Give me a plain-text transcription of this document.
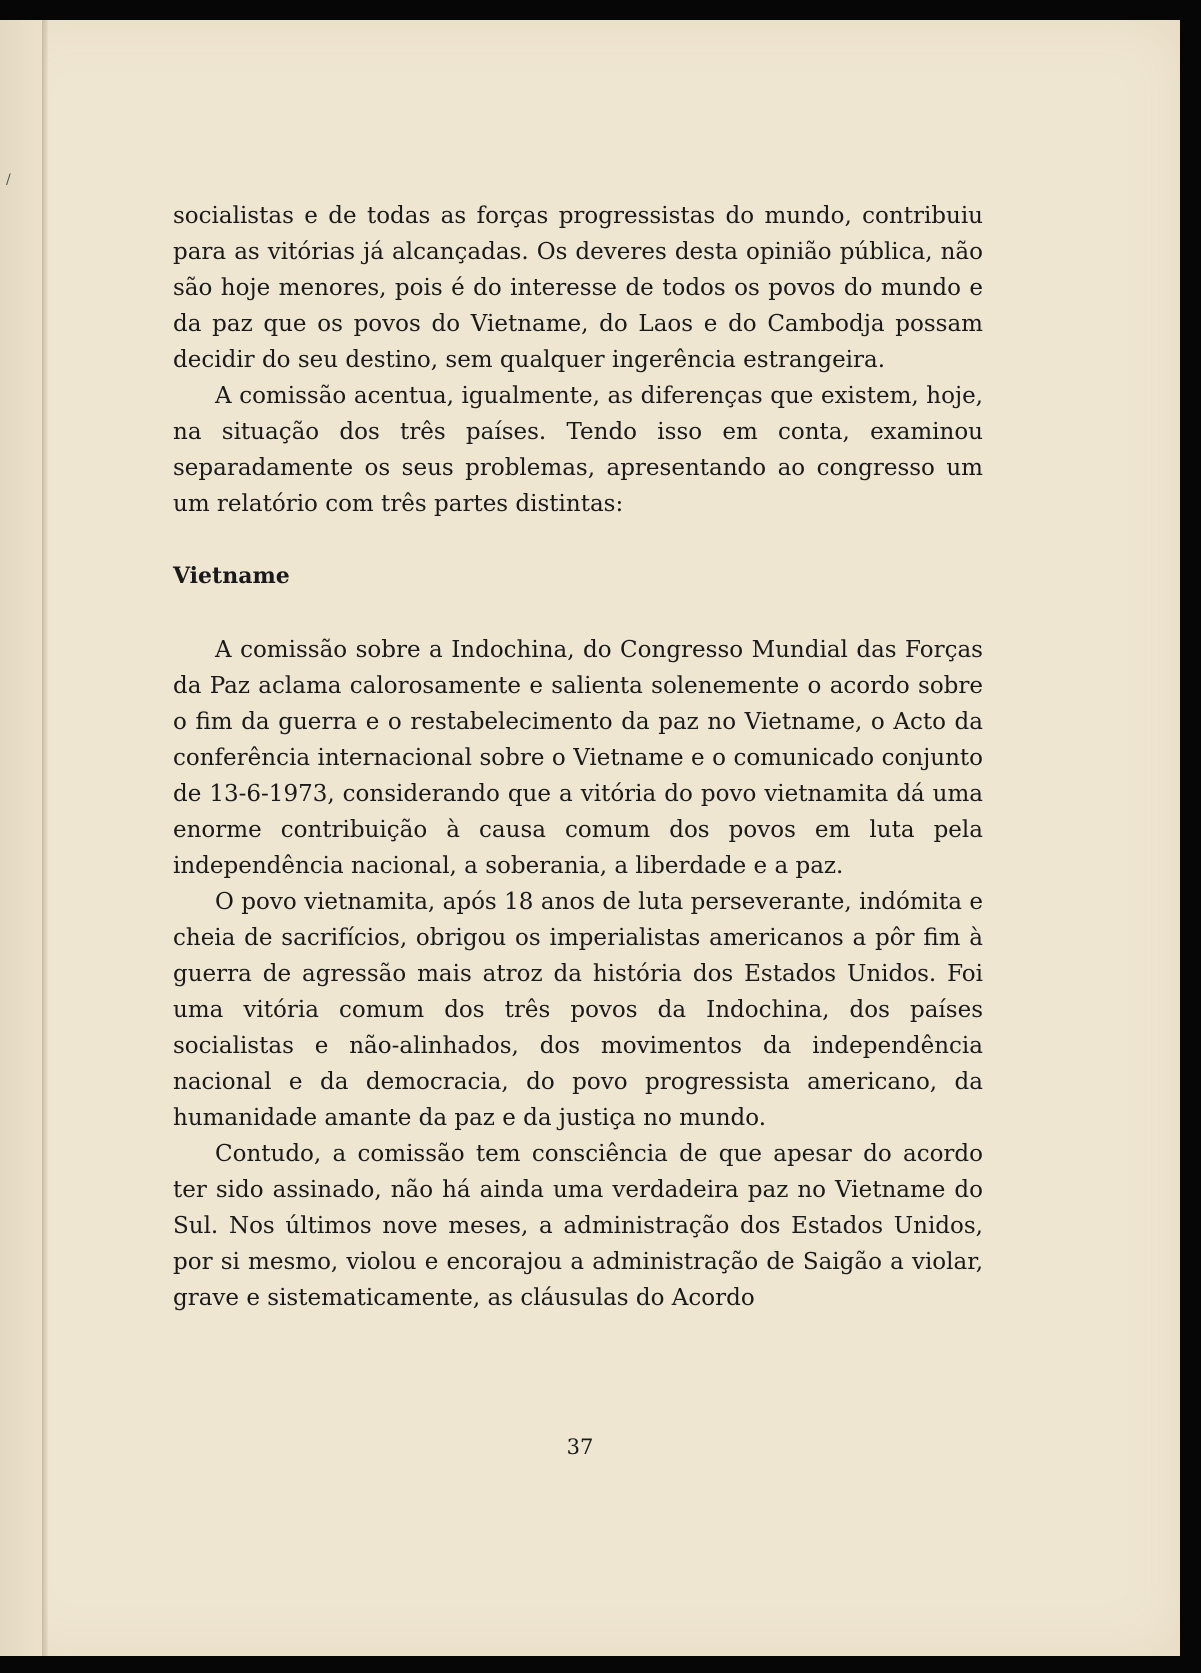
/

socialistas e de todas as forças progressistas do mundo, contribuiu para as vitórias já alcançadas. Os deveres desta opinião pública, não são hoje menores, pois é do interesse de todos os povos do mundo e da paz que os povos do Vietname, do Laos e do Cambodja possam decidir do seu destino, sem qualquer ingerência estrangeira.

A comissão acentua, igualmente, as diferenças que existem, hoje, na situação dos três países. Tendo isso em conta, examinou separadamente os seus problemas, apresentando ao congresso um um relatório com três partes distintas:

Vietname

A comissão sobre a Indochina, do Congresso Mundial das Forças da Paz aclama calorosamente e salienta solenemente o acordo sobre o fim da guerra e o restabelecimento da paz no Vietname, o Acto da conferência internacional sobre o Vietname e o comunicado conjunto de 13-6-1973, considerando que a vitória do povo vietnamita dá uma enorme contribuição à causa comum dos povos em luta pela independência nacional, a soberania, a liberdade e a paz.

O povo vietnamita, após 18 anos de luta perseverante, indómita e cheia de sacrifícios, obrigou os imperialistas americanos a pôr fim à guerra de agressão mais atroz da história dos Estados Unidos. Foi uma vitória comum dos três povos da Indochina, dos países socialistas e não-alinhados, dos movimentos da independência nacional e da democracia, do povo progressista americano, da humanidade amante da paz e da justiça no mundo.

Contudo, a comissão tem consciência de que apesar do acordo ter sido assinado, não há ainda uma verdadeira paz no Vietname do Sul. Nos últimos nove meses, a administração dos Estados Unidos, por si mesmo, violou e encorajou a administração de Saigão a violar, grave e sistematicamente, as cláusulas do Acordo

37
